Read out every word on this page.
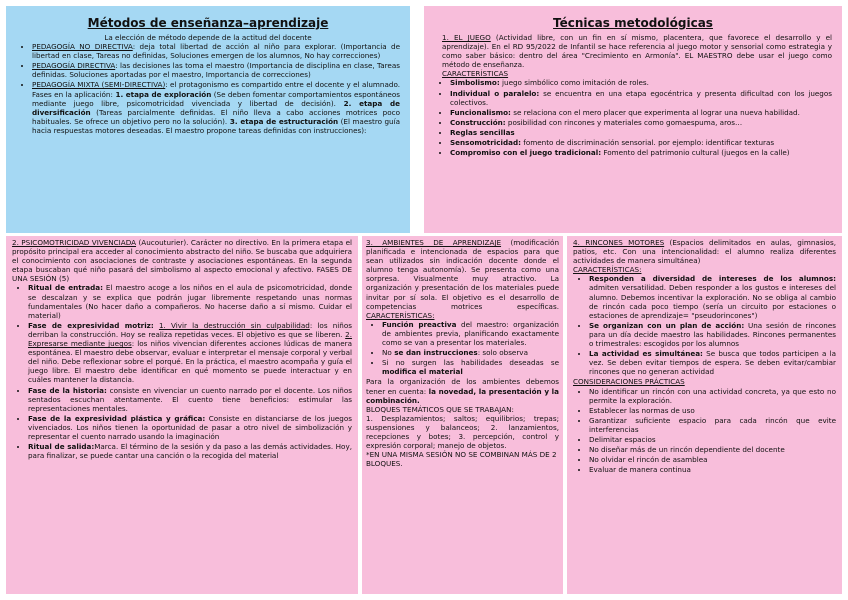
Métodos de enseñanza–aprendizaje

La elección de método depende de la actitud del docente

• PEDAGOGÍA NO DIRECTIVA: deja total libertad de acción al niño para explorar. (Importancia de libertad en clase, Tareas no definidas, Soluciones emergen de los alumnos, No hay correcciones)
• PEDAGOGÍA DIRECTIVA: las decisiones las toma el maestro (Importancia de disciplina en clase, Tareas definidas. Soluciones aportadas por el maestro, Importancia de correcciones)
• PEDAGOGÍA MIXTA (SEMI-DIRECTIVA): el protagonismo es compartido entre el docente y el alumnado. Fases en la aplicación: 1. etapa de exploración (Se deben fomentar comportamientos espontáneos mediante juego libre, psicomotricidad vivenciada y libertad de decisión). 2. etapa de diversificación (Tareas parcialmente definidas. El niño lleva a cabo acciones motrices poco habituales. Se ofrece un objetivo pero no la solución). 3. etapa de estructuración (El maestro guía hacia respuestas motores deseadas. El maestro propone tareas definidas con instrucciones):
Técnicas metodológicas

1. EL JUEGO (Actividad libre, con un fin en sí mismo, placentera, que favorece el desarrollo y el aprendizaje). En el RD 95/2022 de Infantil se hace referencia al juego motor y sensorial como estrategia y como saber básico: dentro del área "Crecimiento en Armonía". EL MAESTRO debe usar el juego como método de enseñanza.
CARACTERÍSTICAS

• Simbolismo: juego simbólico como imitación de roles.
• Individual o paralelo: se encuentra en una etapa egocéntrica y presenta dificultad con los juegos colectivos.
• Funcionalismo: se relaciona con el mero placer que experimenta al lograr una nueva habilidad.
• Construcción: posibilidad con rincones y materiales como gomaespuma, aros…
• Reglas sencillas
• Sensomotricidad: fomento de discriminación sensorial. por ejemplo: identificar texturas
• Compromiso con el juego tradicional: Fomento del patrimonio cultural (juegos en la calle)

2. PSICOMOTRICIDAD VIVENCIADA (Aucouturier). Carácter no directivo. En la primera etapa el propósito principal era acceder al conocimiento abstracto del niño. Se buscaba que adquiriera el conocimiento con asociaciones de contraste y asociaciones espontáneas. En la segunda etapa buscaban qué niño pasará del simbolismo al aspecto emocional y afectivo. FASES DE UNA SESIÓN (5)

• Ritual de entrada: El maestro acoge a los niños en el aula de psicomotricidad, donde se descalzan y se explica que podrán jugar libremente respetando unas normas fundamentales (No hacer daño a compañeros. No hacerse daño a sí mismo. Cuidar el material)
• Fase de expresividad motriz: 1. Vivir la destrucción sin culpabilidad: los niños derriban la construcción. Hoy se realiza repetidas veces. El objetivo es que se liberen. 2. Expresarse mediante juegos: los niños vivencian diferentes acciones lúdicas de manera espontánea. El maestro debe observar, evaluar e interpretar el mensaje corporal y verbal del niño. Debe reflexionar sobre el porqué. En la práctica, el maestro acompaña y guía el juego libre. El maestro debe identificar en qué momento se puede interactuar y en cuáles mantener la distancia.
• Fase de la historia: consiste en vivenciar un cuento narrado por el docente. Los niños sentados escuchan atentamente. El cuento tiene beneficios: estimular las representaciones mentales.
• Fase de la expresividad plástica y gráfica: Consiste en distanciarse de los juegos vivenciados. Los niños tienen la oportunidad de pasar a otro nivel de simbolización y representar el cuento narrado usando la imaginación
• Ritual de salida:Marca. El término de la sesión y da paso a las demás actividades. Hoy, para finalizar, se puede cantar una canción o la recogida del material

3. AMBIENTES DE APRENDIZAJE (modificación planificada e intencionada de espacios para que sean utilizados sin indicación docente donde el alumno tenga autonomía). Se presenta como una sorpresa. Visualmente muy atractivo. La organización y presentación de los materiales puede invitar por sí sola. El objetivo es el desarrollo de competencias motrices específicas. CARACTERÍSTICAS:

• Función preactiva del maestro: organización de ambientes previa, planificando exactamente como se van a presentar los materiales.
• No se dan instrucciones: solo observa
• Si no surgen las habilidades deseadas se modifica el material

Para la organización de los ambientes debemos tener en cuenta: la novedad, la presentación y la combinación.

BLOQUES TEMÁTICOS QUE SE TRABAJAN:

1. Desplazamientos; saltos; equilibrios; trepas; suspensiones y balanceos; 2. lanzamientos, recepciones y botes; 3. percepción, control y expresión corporal; manejo de objetos.

*EN UNA MISMA SESIÓN NO SE COMBINAN MÁS DE 2 BLOQUES.

4. RINCONES MOTORES (Espacios delimitados en aulas, gimnasios, patios, etc. Con una intencionalidad: el alumno realiza diferentes actividades de manera simultánea)
CARACTERÍSTICAS:

• Responden a diversidad de intereses de los alumnos: admiten versatilidad. Deben responder a los gustos e intereses del alumno. Debemos incentivar la exploración. No se obliga al cambio de rincón cada poco tiempo (sería un circuito por estaciones o estaciones de aprendizaje= "pseudorincones")
• Se organizan con un plan de acción: Una sesión de rincones para un día decide maestro las habilidades. Rincones permanentes o trimestrales: escogidos por los alumnos
• La actividad es simultánea: Se busca que todos participen a la vez. Se deben evitar tiempos de espera. Se deben evitar/cambiar rincones que no generan actividad

CONSIDERACIONES PRÁCTICAS

• No identificar un rincón con una actividad concreta, ya que esto no permite la exploración.
• Establecer las normas de uso
• Garantizar suficiente espacio para cada rincón que evite interferencias
• Delimitar espacios
• No diseñar más de un rincón dependiente del docente
• No olvidar el rincón de asamblea
• Evaluar de manera continua
